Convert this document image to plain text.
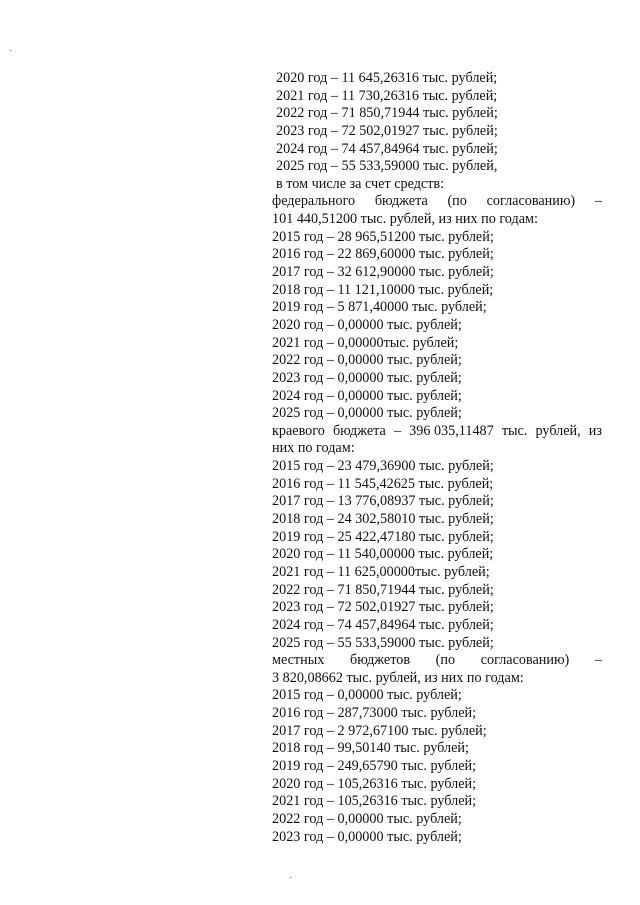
2020 год – 11 645,26316 тыс. рублей;
2021 год – 11 730,26316 тыс. рублей;
2022 год – 71 850,71944 тыс. рублей;
2023 год – 72 502,01927 тыс. рублей;
2024 год – 74 457,84964 тыс. рублей;
2025 год – 55 533,59000 тыс. рублей,
в том числе за счет средств:
федерального бюджета (по согласованию) –
101 440,51200 тыс. рублей, из них по годам:
2015 год – 28 965,51200 тыс. рублей;
2016 год – 22 869,60000 тыс. рублей;
2017 год – 32 612,90000 тыс. рублей;
2018 год – 11 121,10000 тыс. рублей;
2019 год – 5 871,40000 тыс. рублей;
2020 год – 0,00000 тыс. рублей;
2021 год – 0,00000тыс. рублей;
2022 год – 0,00000 тыс. рублей;
2023 год – 0,00000 тыс. рублей;
2024 год – 0,00000 тыс. рублей;
2025 год – 0,00000 тыс. рублей;
краевого бюджета – 396 035,11487 тыс. рублей, из
них по годам:
2015 год – 23 479,36900 тыс. рублей;
2016 год – 11 545,42625 тыс. рублей;
2017 год – 13 776,08937 тыс. рублей;
2018 год – 24 302,58010 тыс. рублей;
2019 год – 25 422,47180 тыс. рублей;
2020 год – 11 540,00000 тыс. рублей;
2021 год – 11 625,00000тыс. рублей;
2022 год – 71 850,71944 тыс. рублей;
2023 год – 72 502,01927 тыс. рублей;
2024 год – 74 457,84964 тыс. рублей;
2025 год – 55 533,59000 тыс. рублей;
местных бюджетов (по согласованию) –
3 820,08662 тыс. рублей, из них по годам:
2015 год – 0,00000 тыс. рублей;
2016 год – 287,73000 тыс. рублей;
2017 год – 2 972,67100 тыс. рублей;
2018 год – 99,50140 тыс. рублей;
2019 год – 249,65790 тыс. рублей;
2020 год – 105,26316 тыс. рублей;
2021 год – 105,26316 тыс. рублей;
2022 год – 0,00000 тыс. рублей;
2023 год – 0,00000 тыс. рублей;
